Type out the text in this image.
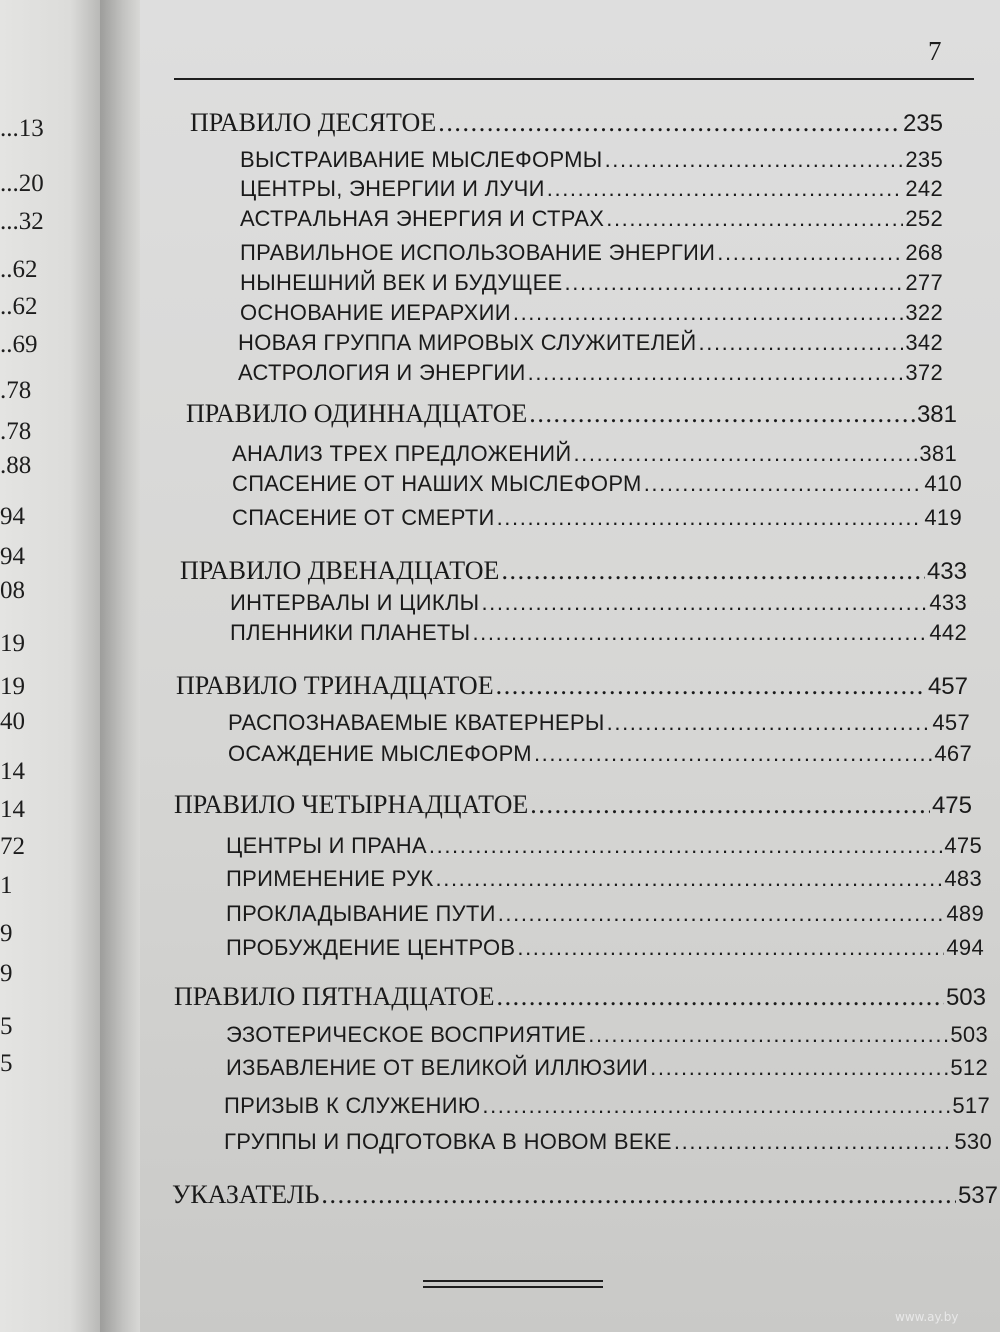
...13
...20
...32
..62
..62
..69
.78
.78
.88
94
94
08
19
19
40
14
14
72
1
9
9
5
5
7
ПРАВИЛО ДЕСЯТОЕ .....	235
ВЫСТРАИВАНИЕ МЫСЛЕФОРМЫ .....	235
ЦЕНТРЫ, ЭНЕРГИИ И ЛУЧИ .....	242
АСТРАЛЬНАЯ ЭНЕРГИЯ И СТРАХ .....	252
ПРАВИЛЬНОЕ ИСПОЛЬЗОВАНИЕ ЭНЕРГИИ .....	268
НЫНЕШНИЙ ВЕК И БУДУЩЕЕ .....	277
ОСНОВАНИЕ ИЕРАРХИИ .....	322
НОВАЯ ГРУППА МИРОВЫХ СЛУЖИТЕЛЕЙ .....	342
АСТРОЛОГИЯ И ЭНЕРГИИ .....	372
ПРАВИЛО ОДИННАДЦАТОЕ .....	381
АНАЛИЗ ТРЕХ ПРЕДЛОЖЕНИЙ .....	381
СПАСЕНИЕ ОТ НАШИХ МЫСЛЕФОРМ .....	410
СПАСЕНИЕ ОТ СМЕРТИ .....	419
ПРАВИЛО ДВЕНАДЦАТОЕ .....	433
ИНТЕРВАЛЫ И ЦИКЛЫ .....	433
ПЛЕННИКИ ПЛАНЕТЫ .....	442
ПРАВИЛО ТРИНАДЦАТОЕ .....	457
РАСПОЗНАВАЕМЫЕ КВАТЕРНЕРЫ .....	457
ОСАЖДЕНИЕ МЫСЛЕФОРМ .....	467
ПРАВИЛО ЧЕТЫРНАДЦАТОЕ .....	475
ЦЕНТРЫ И ПРАНА .....	475
ПРИМЕНЕНИЕ РУК .....	483
ПРОКЛАДЫВАНИЕ ПУТИ .....	489
ПРОБУЖДЕНИЕ ЦЕНТРОВ .....	494
ПРАВИЛО ПЯТНАДЦАТОЕ .....	503
ЭЗОТЕРИЧЕСКОЕ ВОСПРИЯТИЕ .....	503
ИЗБАВЛЕНИЕ ОТ ВЕЛИКОЙ ИЛЛЮЗИИ .....	512
ПРИЗЫВ К СЛУЖЕНИЮ .....	517
ГРУППЫ И ПОДГОТОВКА В НОВОМ ВЕКЕ .....	530
УКАЗАТЕЛЬ .....	537
www.ay.by
